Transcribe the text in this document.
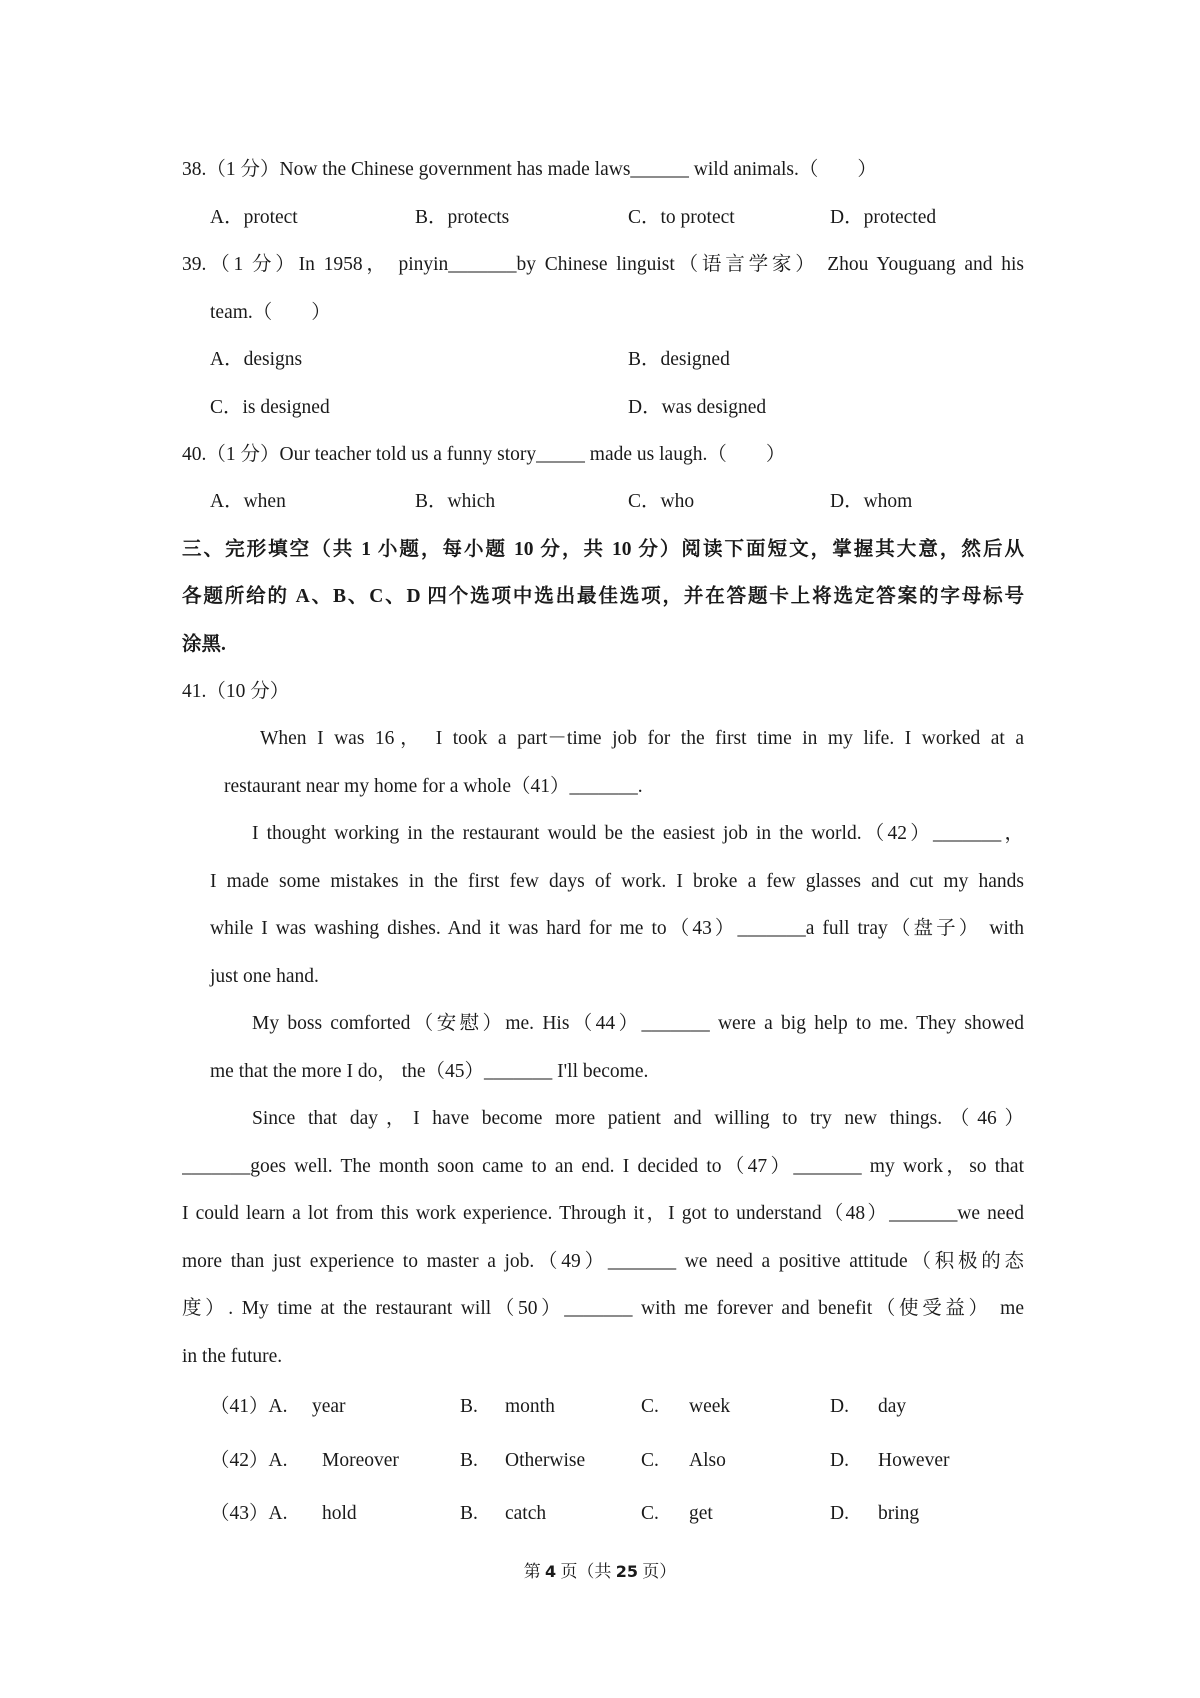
38.（1 分）Now the Chinese government has made laws______ wild animals.（　　）
A．protect	B．protects	C．to protect	D．protected
39.（1 分）In 1958， pinyin_______by Chinese linguist（语言学家） Zhou Youguang and his
team.（　　）
A．designs	B．designed
C．is designed	D．was designed
40.（1 分）Our teacher told us a funny story_____ made us laugh.（　　）
A．when	B．which	C．who	D．whom
三、完形填空（共 1 小题，每小题 10 分，共 10 分）阅读下面短文，掌握其大意，然后从
各题所给的 A、B、C、D 四个选项中选出最佳选项，并在答题卡上将选定答案的字母标号
涂黑.
41.（10 分）
When I was 16， I took a part－time job for the first time in my life. I worked at a
restaurant near my home for a whole（41）_______.
I thought working in the restaurant would be the easiest job in the world.（42）_______，
I made some mistakes in the first few days of work. I broke a few glasses and cut my hands
while I was washing dishes. And it was hard for me to（43）_______a full tray（盘子） with
just one hand.
My boss comforted（安慰）me. His（44）_______ were a big help to me. They showed
me that the more I do， the（45）_______ I'll become.
Since that day，I have become more patient and willing to try new things.（46）
_______goes well. The month soon came to an end. I decided to（47）_______ my work，so that
I could learn a lot from this work experience. Through it，I got to understand（48）_______we need
more than just experience to master a job.（49）_______ we need a positive attitude（积极的态
度）. My time at the restaurant will（50）_______ with me forever and benefit（使受益） me
in the future.
（41）A. year	B. month	C. week	D. day
（42）A. Moreover	B. Otherwise	C. Also	D. However
（43）A. hold	B. catch	C. get	D. bring
第 4 页（共 25 页）
